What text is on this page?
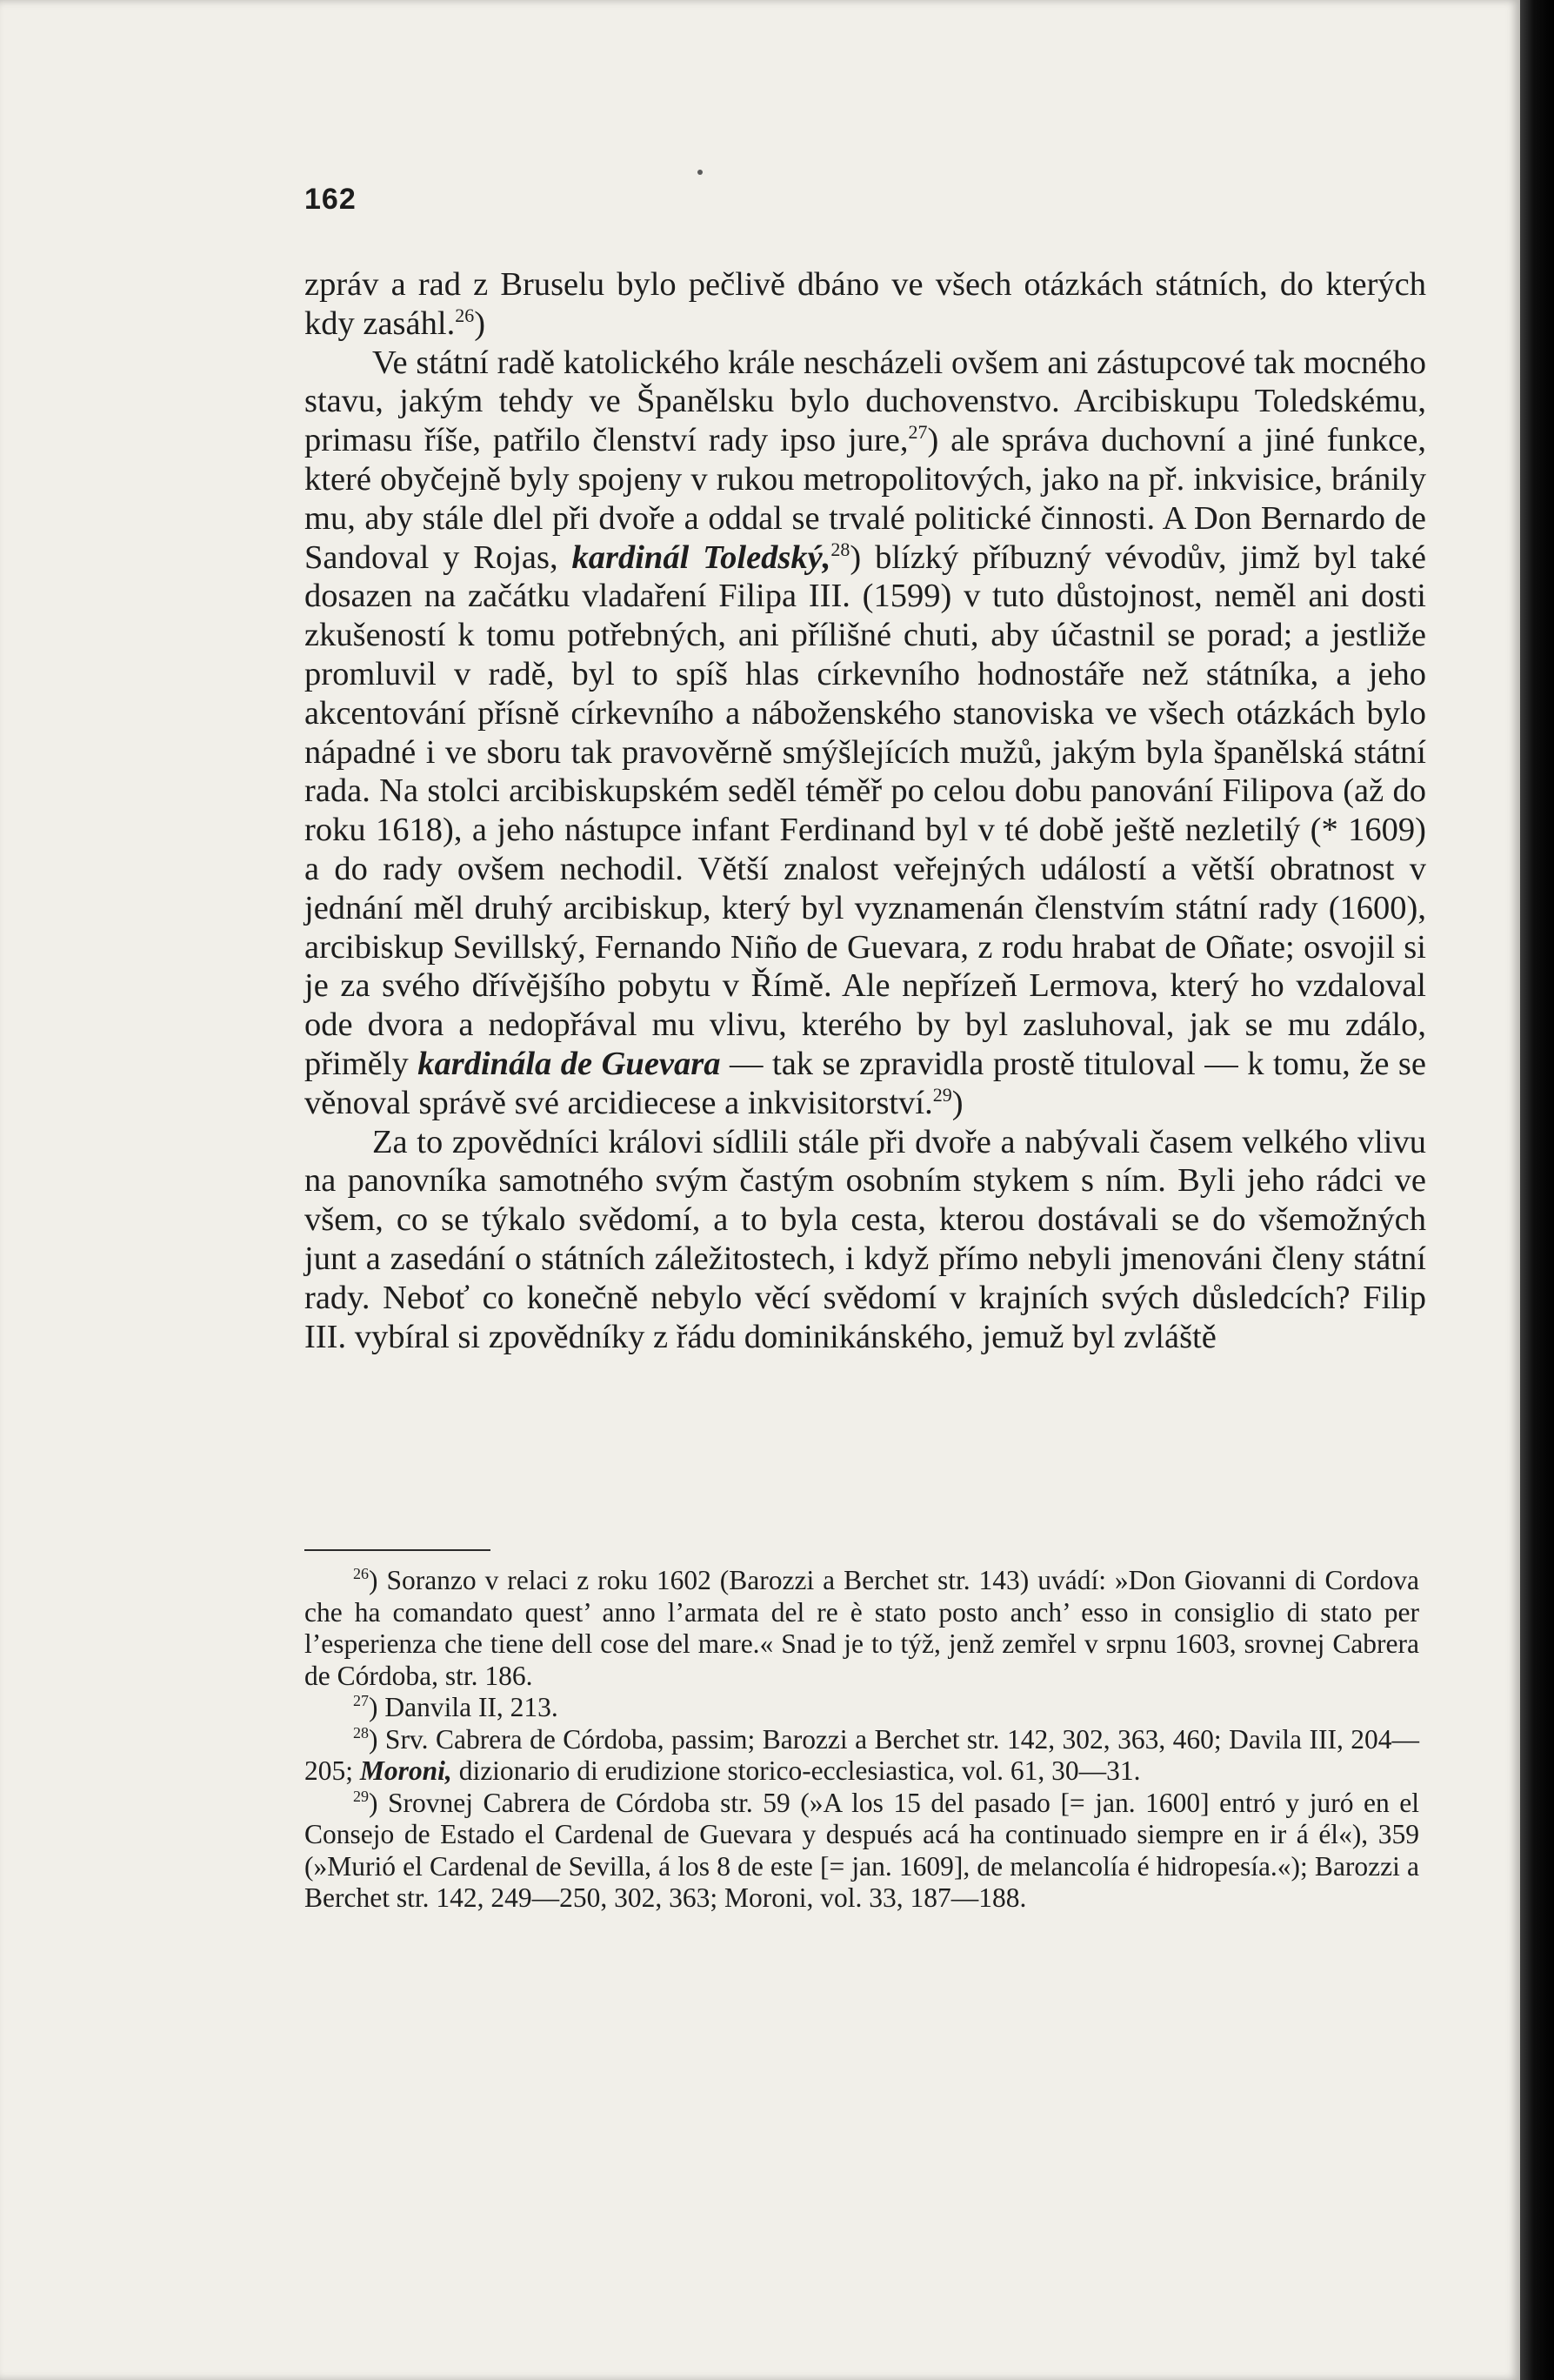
162

zpráv a rad z Bruselu bylo pečlivě dbáno ve všech otázkách státních, do kterých kdy zasáhl.$^{26}$)

Ve státní radě katolického krále nescházeli ovšem ani zástupcové tak mocného stavu, jakým tehdy ve Španělsku bylo duchovenstvo. Arcibiskupu Toledskému, primasu říše, patřilo členství rady ipso jure,$^{27}$) ale správa duchovní a jiné funkce, které obyčejně byly spojeny v rukou metropolitových, jako na př. inkvisice, bránily mu, aby stále dlel při dvoře a oddal se trvalé politické činnosti. A Don Bernardo de Sandoval y Rojas, kardinál Toledský,$^{28}$) blízký příbuzný vévodův, jimž byl také dosazen na začátku vladaření Filipa III. (1599) v tuto důstojnost, neměl ani dosti zkušeností k tomu potřebných, ani přílišné chuti, aby účastnil se porad; a jestliže promluvil v radě, byl to spíš hlas církevního hodnostáře než státníka, a jeho akcentování přísně církevního a náboženského stanoviska ve všech otázkách bylo nápadné i ve sboru tak pravověrně smýšlejících mužů, jakým byla španělská státní rada. Na stolci arcibiskupském seděl téměř po celou dobu panování Filipova (až do roku 1618), a jeho nástupce infant Ferdinand byl v té době ještě nezletilý (* 1609) a do rady ovšem nechodil. Větší znalost veřejných událostí a větší obratnost v jednání měl druhý arcibiskup, který byl vyznamenán členstvím státní rady (1600), arcibiskup Sevillský, Fernando Niño de Guevara, z rodu hrabat de Oñate; osvojil si je za svého dřívějšího pobytu v Římě. Ale nepřízeň Lermova, který ho vzdaloval ode dvora a nedopřával mu vlivu, kterého by byl zasluhoval, jak se mu zdálo, přiměly kardinála de Guevara — tak se zpravidla prostě tituloval — k tomu, že se věnoval správě své arcidiecese a inkvisitorství.$^{29}$)

Za to zpovědníci královi sídlili stále při dvoře a nabývali časem velkého vlivu na panovníka samotného svým častým osobním stykem s ním. Byli jeho rádci ve všem, co se týkalo svědomí, a to byla cesta, kterou dostávali se do všemožných junt a zasedání o státních záležitostech, i když přímo nebyli jmenováni členy státní rady. Neboť co konečně nebylo věcí svědomí v krajních svých důsledcích? Filip III. vybíral si zpovědníky z řádu dominikánského, jemuž byl zvláště

$^{26}$) Soranzo v relaci z roku 1602 (Barozzi a Berchet str. 143) uvádí: »Don Giovanni di Cordova che ha comandato quest’ anno l’armata del re è stato posto anch’ esso in consiglio di stato per l’esperienza che tiene dell cose del mare.« Snad je to týž, jenž zemřel v srpnu 1603, srovnej Cabrera de Córdoba, str. 186.

$^{27}$) Danvila II, 213.

$^{28}$) Srv. Cabrera de Córdoba, passim; Barozzi a Berchet str. 142, 302, 363, 460; Davila III, 204—205; Moroni, dizionario di erudizione storico-ecclesiastica, vol. 61, 30—31.

$^{29}$) Srovnej Cabrera de Córdoba str. 59 (»A los 15 del pasado [= jan. 1600] entró y juró en el Consejo de Estado el Cardenal de Guevara y después acá ha continuado siempre en ir á él«), 359 (»Murió el Cardenal de Sevilla, á los 8 de este [= jan. 1609], de melancolía é hidropesía.«); Barozzi a Berchet str. 142, 249—250, 302, 363; Moroni, vol. 33, 187—188.
